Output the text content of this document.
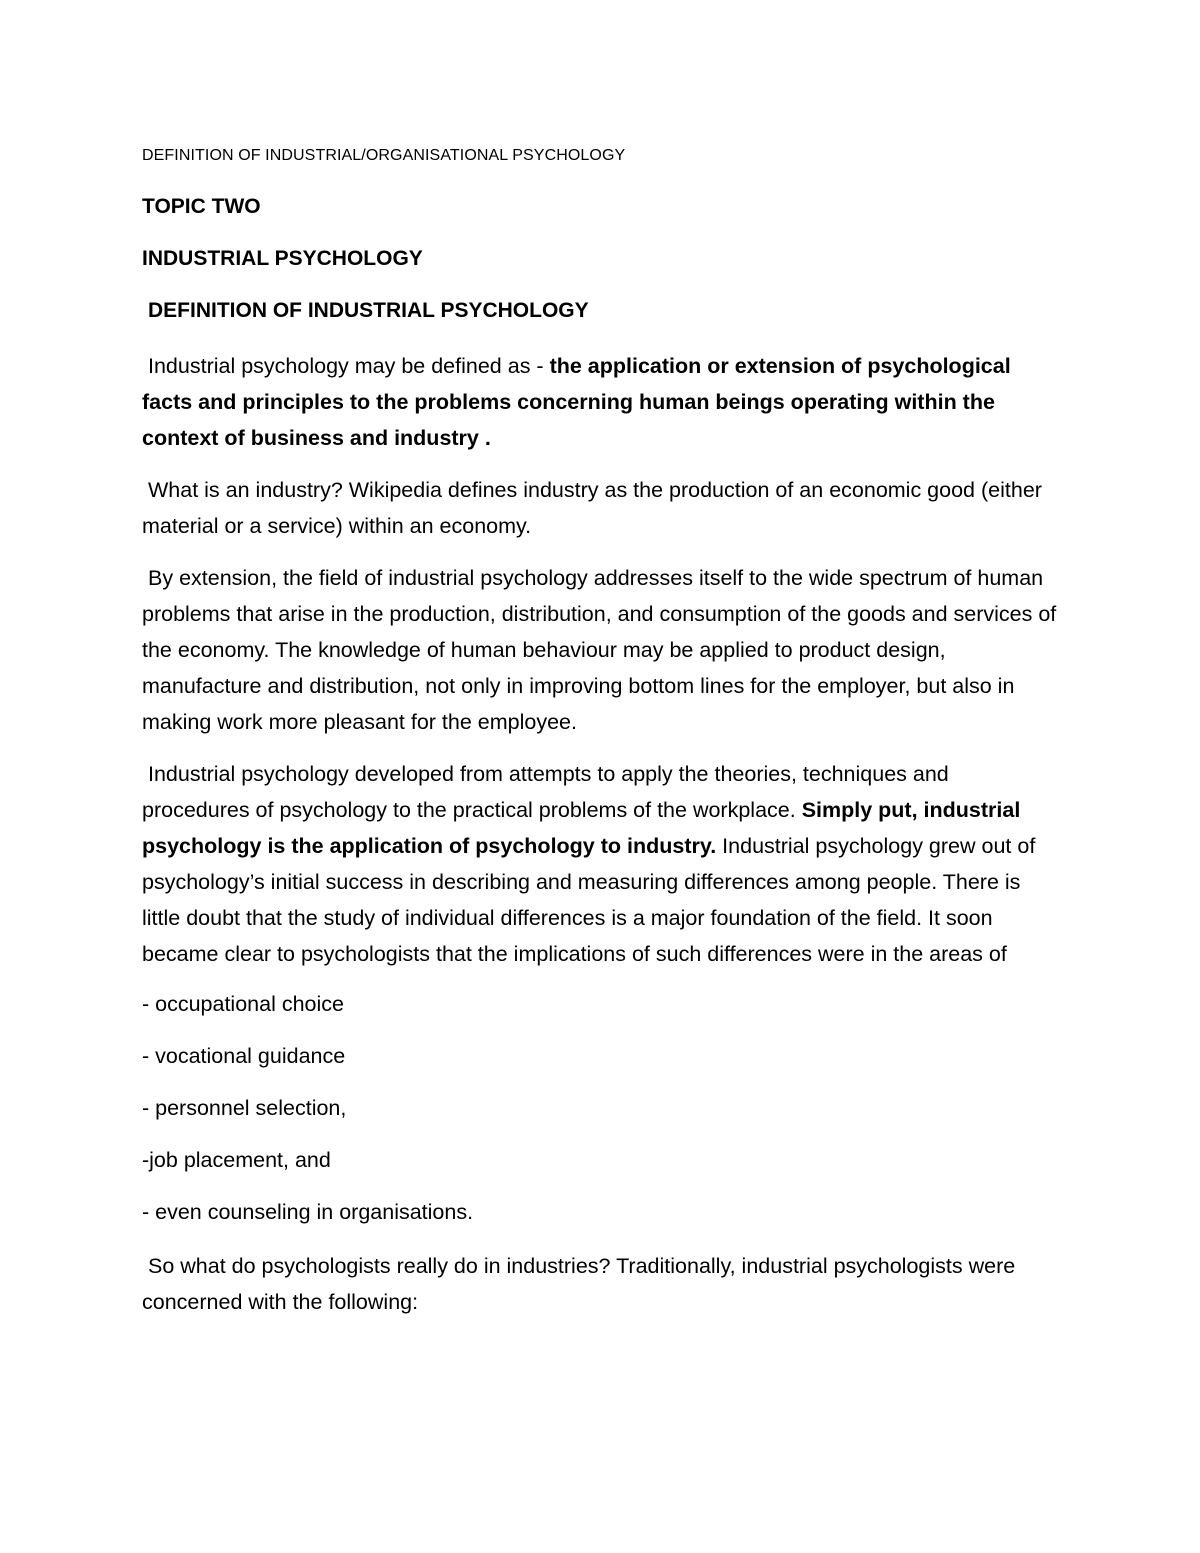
DEFINITION OF INDUSTRIAL/ORGANISATIONAL PSYCHOLOGY
TOPIC TWO
INDUSTRIAL PSYCHOLOGY
DEFINITION OF INDUSTRIAL PSYCHOLOGY

Industrial psychology may be defined as - the application or extension of psychological facts and principles to the problems concerning human beings operating within the context of business and industry .

What is an industry? Wikipedia defines industry as the production of an economic good (either material or a service) within an economy.

By extension, the field of industrial psychology addresses itself to the wide spectrum of human problems that arise in the production, distribution, and consumption of the goods and services of the economy. The knowledge of human behaviour may be applied to product design, manufacture and distribution, not only in improving bottom lines for the employer, but also in making work more pleasant for the employee.

Industrial psychology developed from attempts to apply the theories, techniques and procedures of psychology to the practical problems of the workplace. Simply put, industrial psychology is the application of psychology to industry. Industrial psychology grew out of psychology’s initial success in describing and measuring differences among people. There is little doubt that the study of individual differences is a major foundation of the field. It soon became clear to psychologists that the implications of such differences were in the areas of

- occupational choice
- vocational guidance
- personnel selection,
-job placement, and
- even counseling in organisations.

So what do psychologists really do in industries? Traditionally, industrial psychologists were concerned with the following:
